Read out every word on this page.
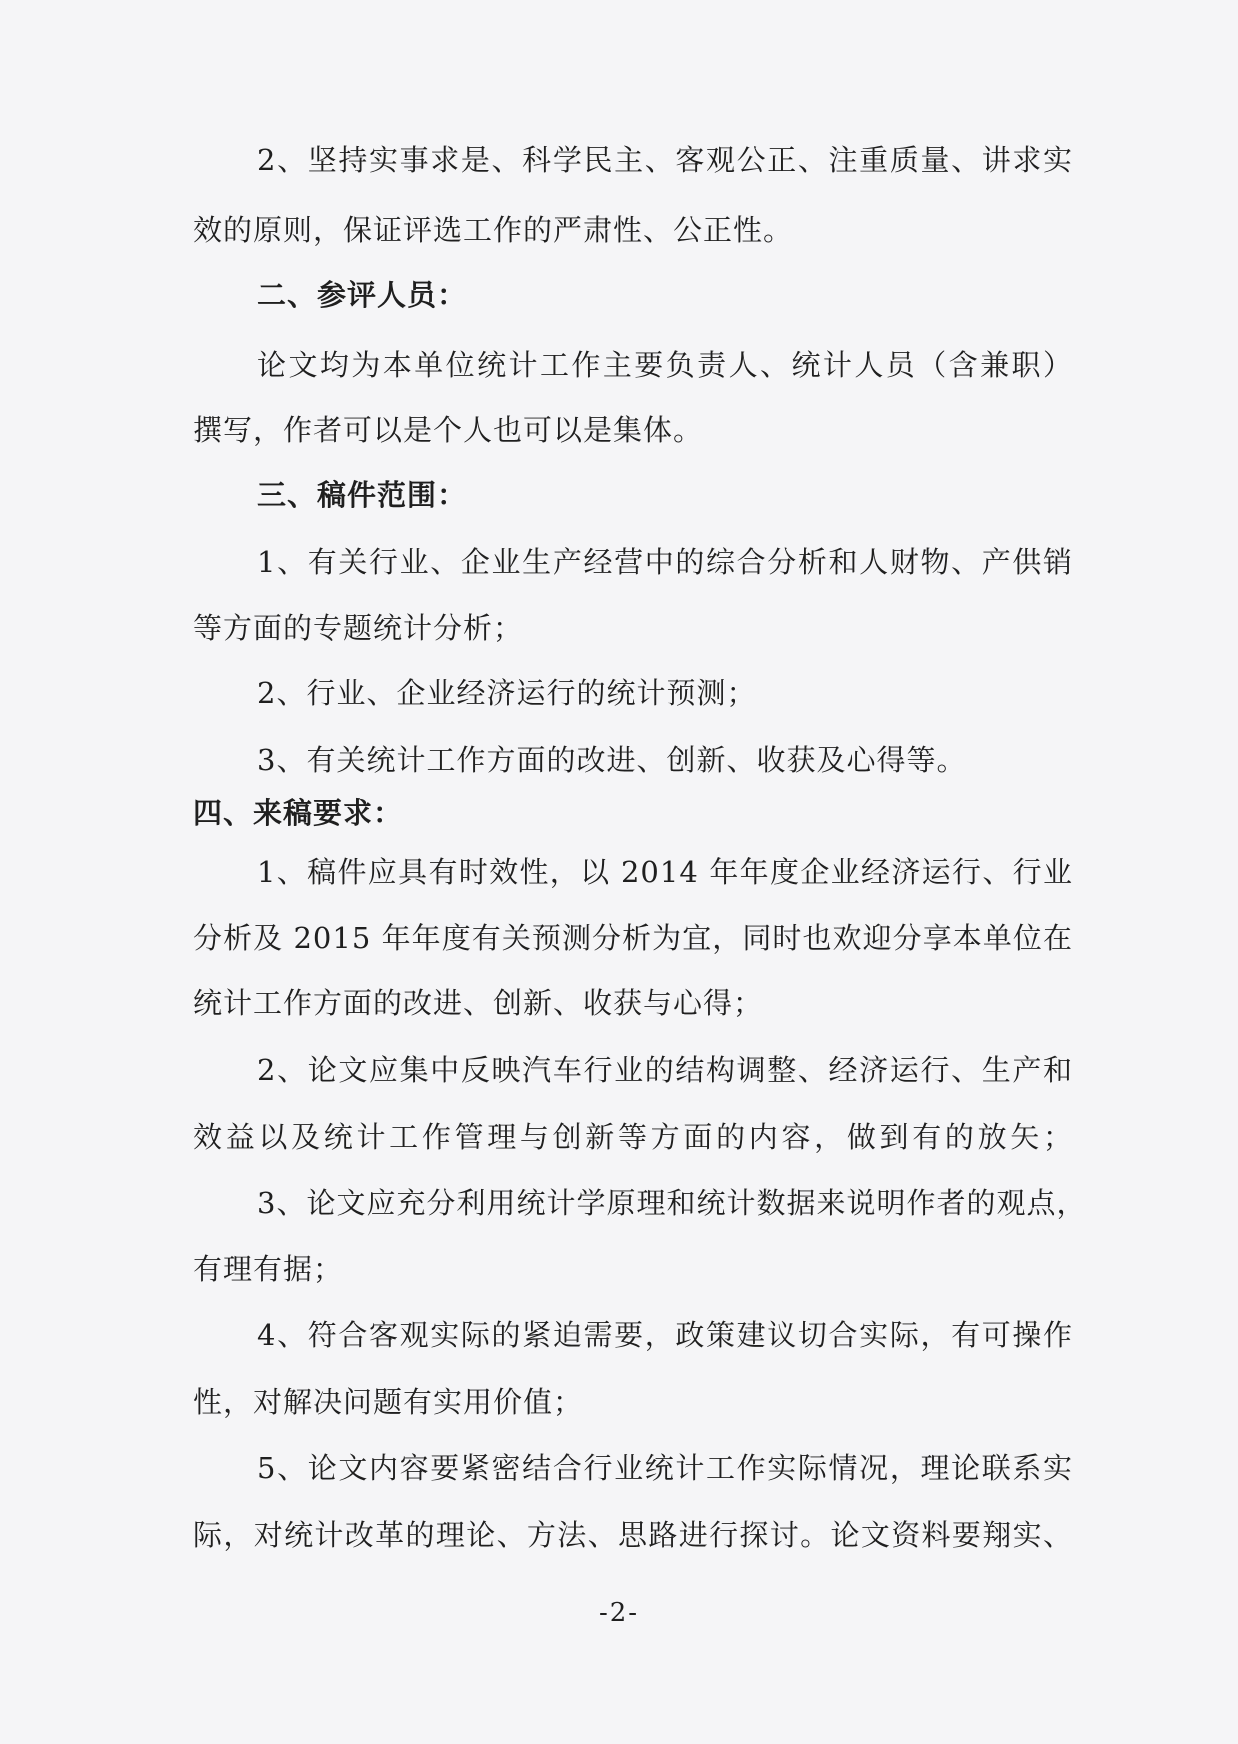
2、坚持实事求是、科学民主、客观公正、注重质量、讲求实
效的原则，保证评选工作的严肃性、公正性。
二、参评人员：
论文均为本单位统计工作主要负责人、统计人员（含兼职）
撰写，作者可以是个人也可以是集体。
三、稿件范围：
1、有关行业、企业生产经营中的综合分析和人财物、产供销
等方面的专题统计分析；
2、行业、企业经济运行的统计预测；
3、有关统计工作方面的改进、创新、收获及心得等。
四、来稿要求：
1、稿件应具有时效性，以 2014 年年度企业经济运行、行业
分析及 2015 年年度有关预测分析为宜，同时也欢迎分享本单位在
统计工作方面的改进、创新、收获与心得；
2、论文应集中反映汽车行业的结构调整、经济运行、生产和
效益以及统计工作管理与创新等方面的内容，做到有的放矢；
3、论文应充分利用统计学原理和统计数据来说明作者的观点，
有理有据；
4、符合客观实际的紧迫需要，政策建议切合实际，有可操作
性，对解决问题有实用价值；
5、论文内容要紧密结合行业统计工作实际情况，理论联系实
际，对统计改革的理论、方法、思路进行探讨。论文资料要翔实、
-2-
